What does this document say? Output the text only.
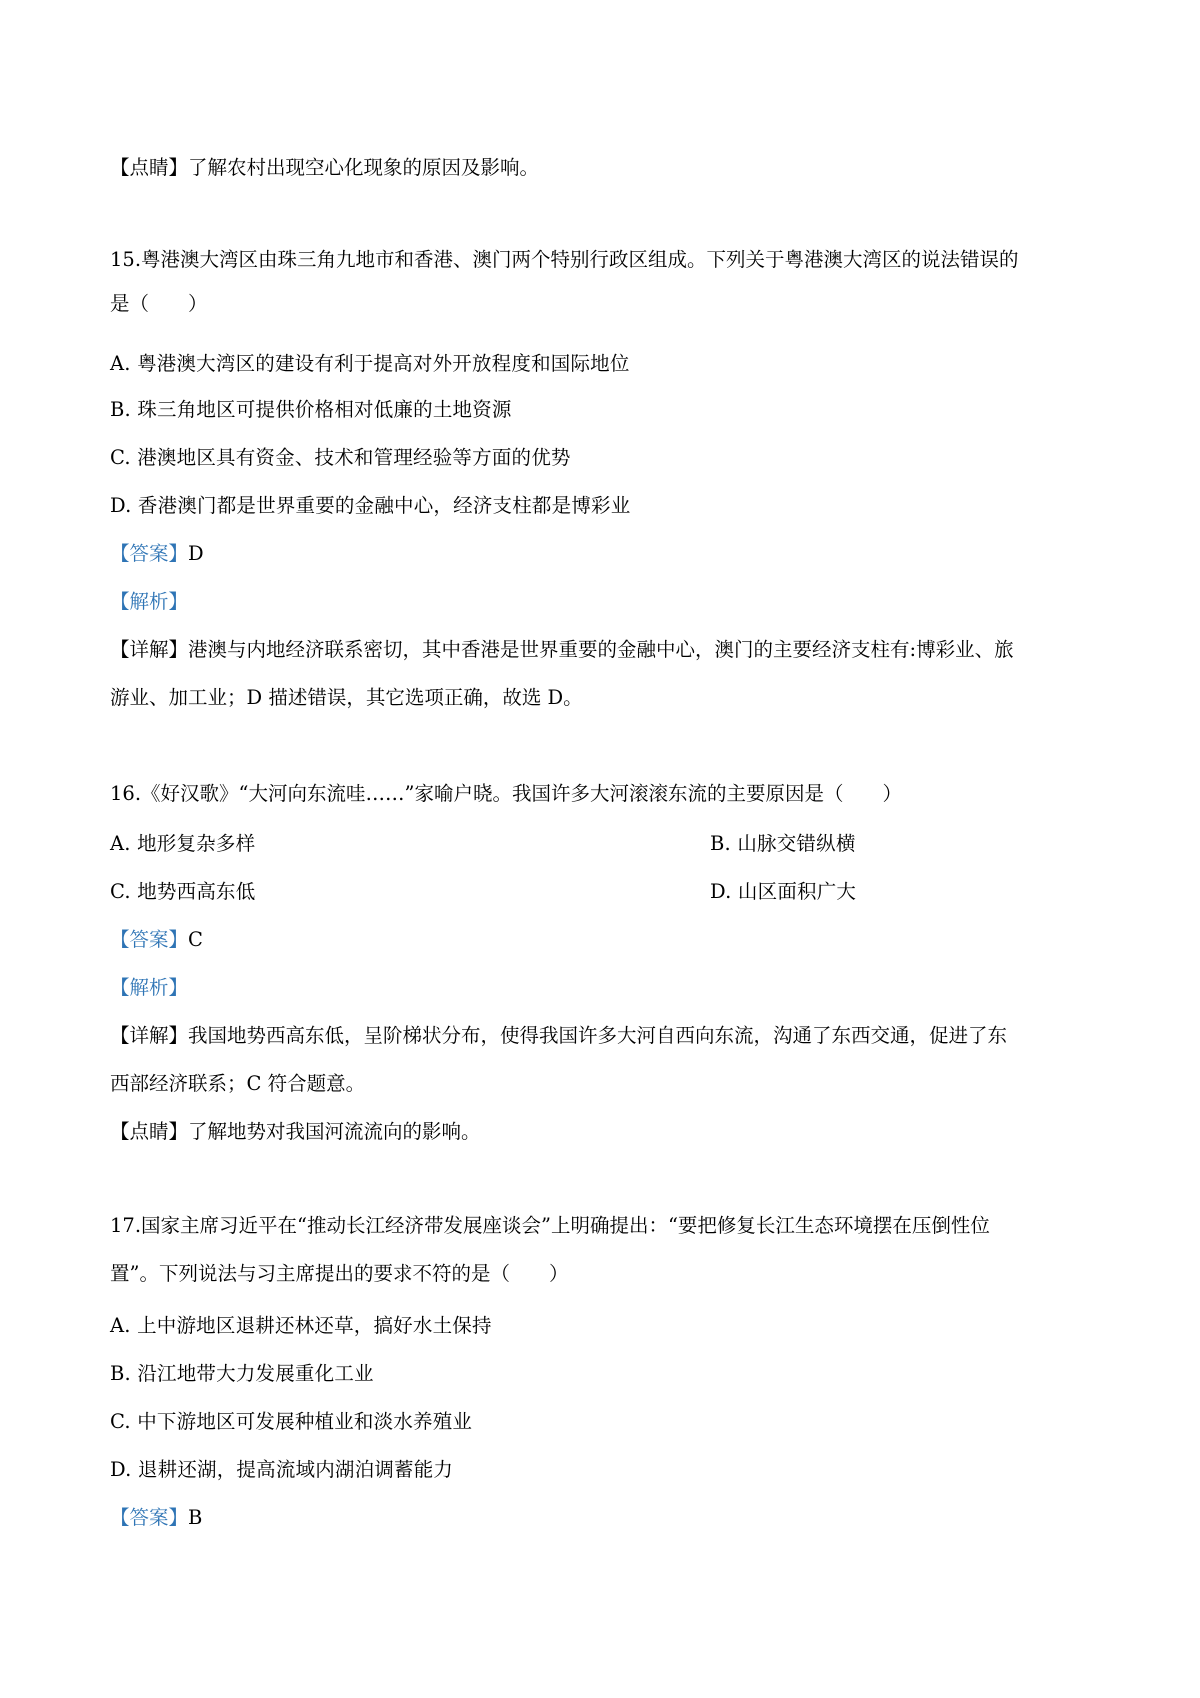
【点睛】了解农村出现空心化现象的原因及影响。
15.粤港澳大湾区由珠三角九地市和香港、澳门两个特别行政区组成。下列关于粤港澳大湾区的说法错误的
是（　　）
A. 粤港澳大湾区的建设有利于提高对外开放程度和国际地位
B. 珠三角地区可提供价格相对低廉的土地资源
C. 港澳地区具有资金、技术和管理经验等方面的优势
D. 香港澳门都是世界重要的金融中心，经济支柱都是博彩业
【答案】D
【解析】
【详解】港澳与内地经济联系密切，其中香港是世界重要的金融中心，澳门的主要经济支柱有:博彩业、旅
游业、加工业；D 描述错误，其它选项正确，故选 D。
16.《好汉歌》“大河向东流哇……”家喻户晓。我国许多大河滚滚东流的主要原因是（　　）
A. 地形复杂多样	B. 山脉交错纵横
C. 地势西高东低	D. 山区面积广大
【答案】C
【解析】
【详解】我国地势西高东低，呈阶梯状分布，使得我国许多大河自西向东流，沟通了东西交通，促进了东
西部经济联系；C 符合题意。
【点睛】了解地势对我国河流流向的影响。
17.国家主席习近平在“推动长江经济带发展座谈会”上明确提出：“要把修复长江生态环境摆在压倒性位
置”。下列说法与习主席提出的要求不符的是（　　）
A. 上中游地区退耕还林还草，搞好水土保持
B. 沿江地带大力发展重化工业
C. 中下游地区可发展种植业和淡水养殖业
D. 退耕还湖，提高流域内湖泊调蓄能力
【答案】B
